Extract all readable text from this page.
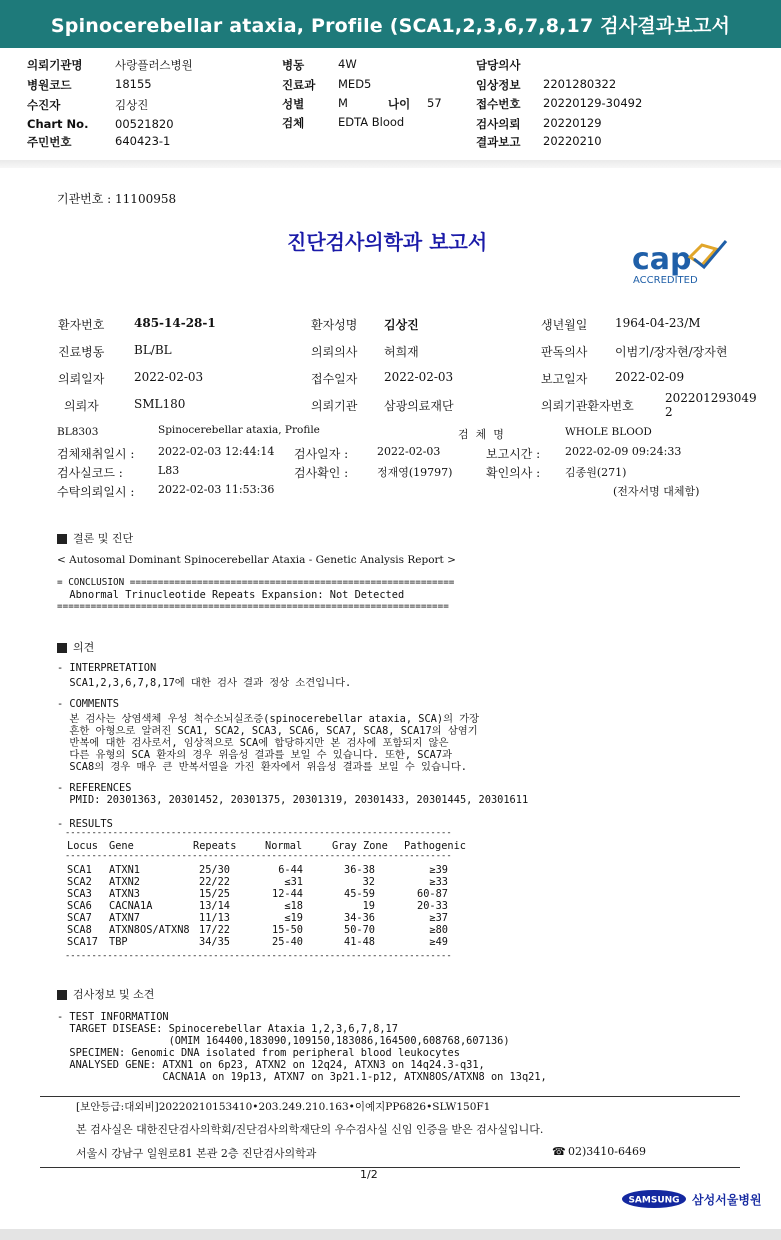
Spinocerebellar ataxia, Profile (SCA1,2,3,6,7,8,17 검사결과보고서
의뢰기관명	사랑플러스병원
병원코드	18155
수진자	김상진
Chart No. 00521820
주민번호	640423-1
병동	4W
진료과 MED5
성별	M	나이 57
검체	EDTA Blood
담당의사
임상정보 2201280322
접수번호 20220129-30492
검사의뢰 20220129
결과보고 20220210
기관번호 : 11100958
진단검사의학과 보고서	cap
ACCREDITED
환자번호 485-14-28-1	환자성명 김상진	생년월일 1964-04-23/M
진료병동 BL/BL	의뢰의사 허희재	판독의사 이범기/장자현/장자현
의뢰일자 2022-02-03	접수일자 2022-02-03	보고일자 2022-02-09
의뢰자	SML180	의뢰기관 삼광의료재단	의뢰기관환자번호
202201293049
2
BL8303	Spinocerebellar ataxia, Profile	검  체  명	WHOLE BLOOD
검체채취일시 : 2022-02-03 12:44:14 검사일자 :	2022-02-03	보고시간 : 2022-02-09 09:24:33
검사실코드 :	L83	검사확인 :	정재영(19797)	확인의사 : 김종원(271)
수탁의뢰일시 : 2022-02-03 11:53:36	(전자서명 대체함)
결론 및 진단
< Autosomal Dominant Spinocerebellar Ataxia - Genetic Analysis Report >
= CONCLUSION ==========================================================
Abnormal Trinucleotide Repeats Expansion: Not Detected
======================================================================
의견
- INTERPRETATION
SCA1,2,3,6,7,8,17에 대한 검사 결과 정상 소견입니다.
- COMMENTS
본 검사는 상염색체 우성 척수소뇌실조증(spinocerebellar ataxia, SCA)의 가장
흔한 아형으로 알려진 SCA1, SCA2, SCA3, SCA6, SCA7, SCA8, SCA17의 삼염기
반복에 대한 검사로서, 임상적으로 SCA에 합당하지만 본 검사에 포함되지 않은
다른 유형의 SCA 환자의 경우 위음성 결과를 보일 수 있습니다. 또한, SCA7과
SCA8의 경우 매우 큰 반복서열을 가진 환자에서 위음성 결과를 보일 수 있습니다.
- REFERENCES
PMID: 20301363, 20301452, 20301375, 20301319, 20301433, 20301445, 20301611
- RESULTS
-------------------------------------------------------------------------
Locus Gene	Repeats	Normal	Gray Zone Pathogenic
-------------------------------------------------------------------------
SCA1 ATXN1	25/30	6-44	36-38	≥39
SCA2 ATXN2	22/22	≤31	32	≥33
SCA3 ATXN3	15/25	12-44	45-59	60-87
SCA6 CACNA1A	13/14	≤18	19	20-33
SCA7 ATXN7	11/13	≤19	34-36	≥37
SCA8 ATXN8OS/ATXN8 17/22	15-50	50-70	≥80
SCA17 TBP	34/35	25-40	41-48	≥49
-------------------------------------------------------------------------
검사정보 및 소견
- TEST INFORMATION
TARGET DISEASE: Spinocerebellar Ataxia 1,2,3,6,7,8,17
(OMIM 164400,183090,109150,183086,164500,608768,607136)
SPECIMEN: Genomic DNA isolated from peripheral blood leukocytes
ANALYSED GENE: ATXN1 on 6p23, ATXN2 on 12q24, ATXN3 on 14q24.3-q31,
CACNA1A on 19p13, ATXN7 on 3p21.1-p12, ATXN8OS/ATXN8 on 13q21,
[보안등급:대외비]20220210153410•203.249.210.163•이예지PP6826•SLW150F1
본 검사실은 대한진단검사의학회/진단검사의학재단의 우수검사실 신임 인증을 받은 검사실입니다.
서울시 강남구 일원로81 본관 2층 진단검사의학과	☎ 02)3410-6469
1/2
SAMSUNG 삼성서울병원
